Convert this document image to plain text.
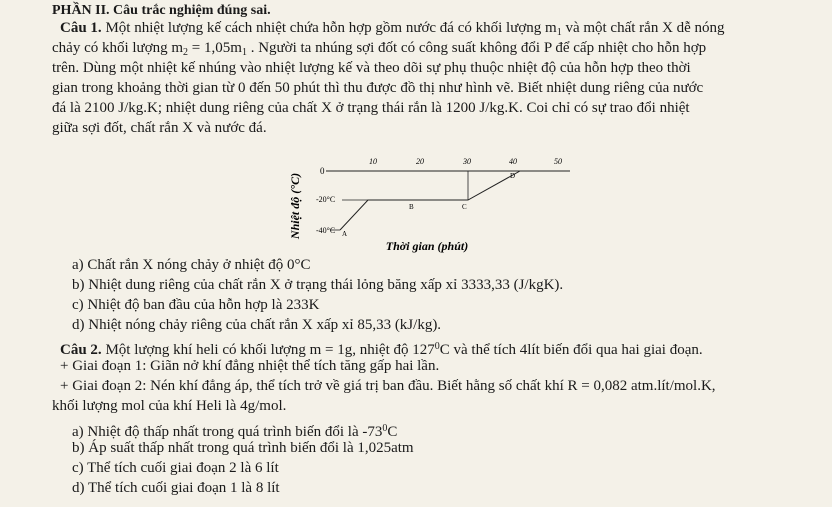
PHẦN II. Câu trắc nghiệm đúng sai.
Câu 1. Một nhiệt lượng kế cách nhiệt chứa hỗn hợp gồm nước đá có khối lượng $m_1$ và một chất rắn X dễ nóng
chảy có khối lượng $m_2 = 1,05m_1$ . Người ta nhúng sợi đốt có công suất không đổi P để cấp nhiệt cho hỗn hợp
trên. Dùng một nhiệt kế nhúng vào nhiệt lượng kế và theo dõi sự phụ thuộc nhiệt độ của hỗn hợp theo thời
gian trong khoảng thời gian từ 0 đến 50 phút thì thu được đồ thị như hình vẽ. Biết nhiệt dung riêng của nước
đá là 2100 J/kg.K; nhiệt dung riêng của chất X ở trạng thái rắn là 1200 J/kg.K. Coi chỉ có sự trao đổi nhiệt
giữa sợi đốt, chất rắn X và nước đá.
Nhiệt độ (°C)
0
10	20	30	40	50
-20°C
-40°C A
B	C
D
Thời gian (phút)
a) Chất rắn X nóng chảy ở nhiệt độ 0°C
b) Nhiệt dung riêng của chất rắn X ở trạng thái lỏng băng xấp xỉ 3333,33 (J/kgK).
c) Nhiệt độ ban đầu của hỗn hợp là 233K
d) Nhiệt nóng chảy riêng của chất rắn X xấp xỉ 85,33 (kJ/kg).
Câu 2. Một lượng khí heli có khối lượng m = 1g, nhiệt độ $127^0C$ và thể tích 4lít biến đổi qua hai giai đoạn.
+ Giai đoạn 1: Giãn nở khí đẳng nhiệt thể tích tăng gấp hai lần.
+ Giai đoạn 2: Nén khí đẳng áp, thể tích trở về giá trị ban đầu. Biết hằng số chất khí R = 0,082 atm.lít/mol.K,
khối lượng mol của khí Heli là 4g/mol.
a) Nhiệt độ thấp nhất trong quá trình biến đổi là $-73^0C$
b) Áp suất thấp nhất trong quá trình biến đổi là 1,025atm
c) Thể tích cuối giai đoạn 2 là 6 lít
d) Thể tích cuối giai đoạn 1 là 8 lít
